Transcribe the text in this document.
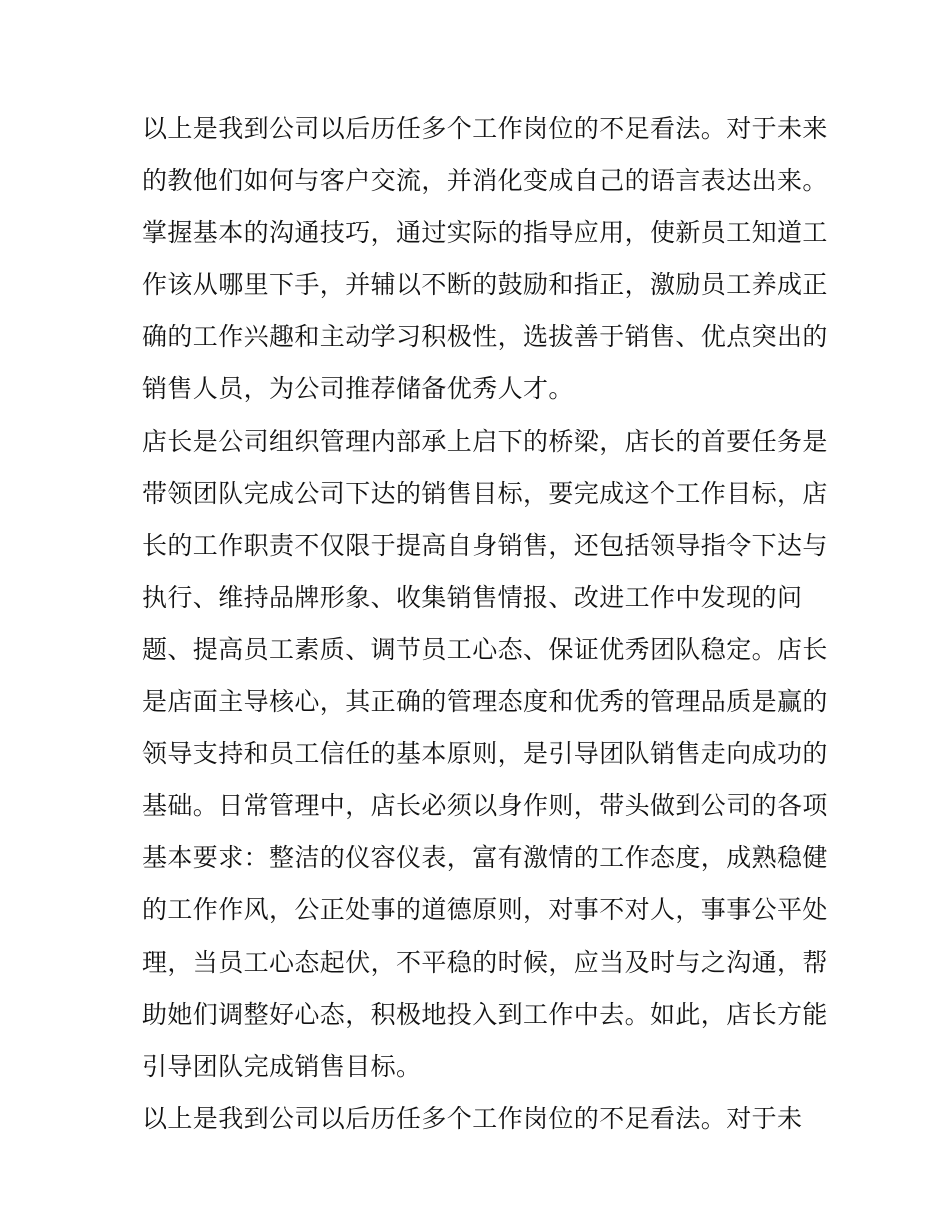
以上是我到公司以后历任多个工作岗位的不足看法。对于未来
的教他们如何与客户交流，并消化变成自己的语言表达出来。
掌握基本的沟通技巧，通过实际的指导应用，使新员工知道工
作该从哪里下手，并辅以不断的鼓励和指正，激励员工养成正
确的工作兴趣和主动学习积极性，选拔善于销售、优点突出的
销售人员，为公司推荐储备优秀人才。
店长是公司组织管理内部承上启下的桥梁，店长的首要任务是
带领团队完成公司下达的销售目标，要完成这个工作目标，店
长的工作职责不仅限于提高自身销售，还包括领导指令下达与
执行、维持品牌形象、收集销售情报、改进工作中发现的问
题、提高员工素质、调节员工心态、保证优秀团队稳定。店长
是店面主导核心，其正确的管理态度和优秀的管理品质是赢的
领导支持和员工信任的基本原则，是引导团队销售走向成功的
基础。日常管理中，店长必须以身作则，带头做到公司的各项
基本要求：整洁的仪容仪表，富有激情的工作态度，成熟稳健
的工作作风，公正处事的道德原则，对事不对人，事事公平处
理，当员工心态起伏，不平稳的时候，应当及时与之沟通，帮
助她们调整好心态，积极地投入到工作中去。如此，店长方能
引导团队完成销售目标。
以上是我到公司以后历任多个工作岗位的不足看法。对于未
